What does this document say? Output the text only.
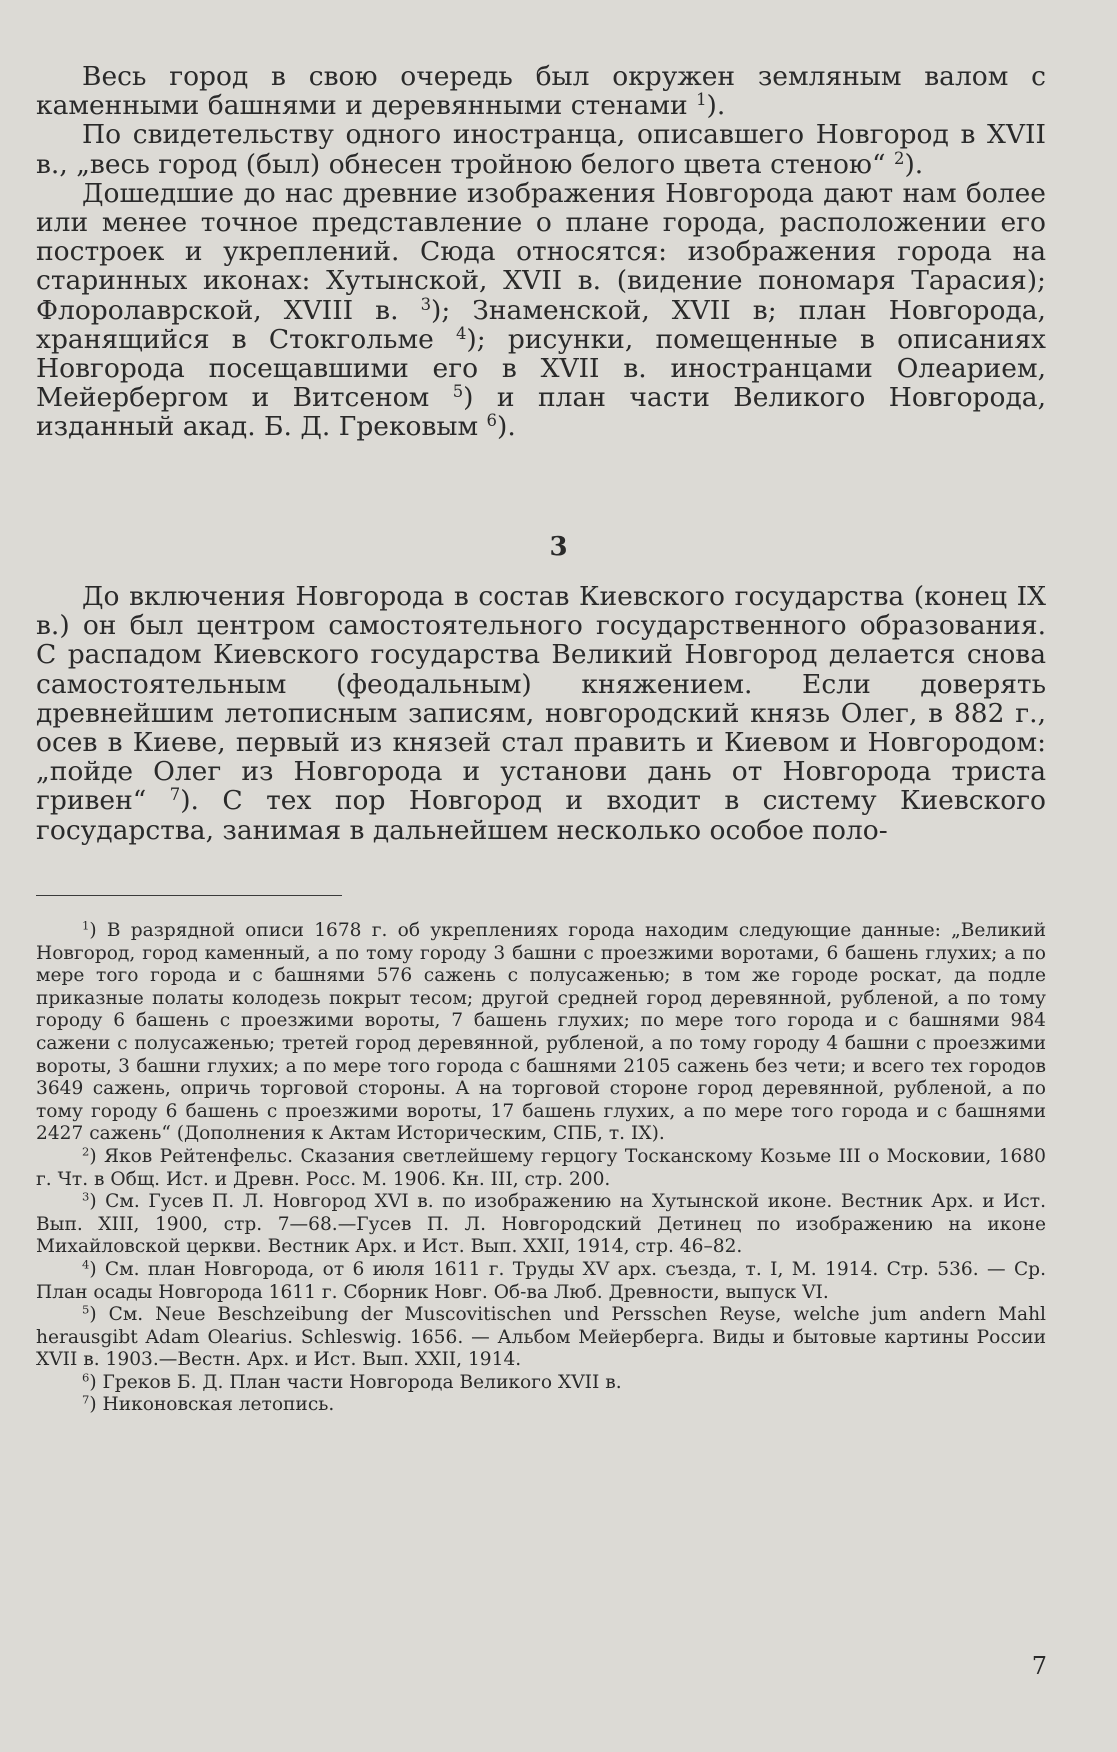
Весь город в свою очередь был окружен земляным валом с каменными башнями и деревянными стенами $^1$).

По свидетельству одного иностранца, описавшего Новгород в XVII в., „весь город (был) обнесен тройною белого цвета стеною“ $^2$).

Дошедшие до нас древние изображения Новгорода дают нам более или менее точное представление о плане города, расположении его построек и укреплений. Сюда относятся: изображения города на старинных иконах: Хутынской, XVII в. (видение пономаря Тарасия); Флоролаврской, XVIII в. $^3$); Знаменской, XVII в; план Новгорода, хранящийся в Стокгольме $^4$); рисунки, помещенные в описаниях Новгорода посещавшими его в XVII в. иностранцами Олеарием, Мейербергом и Витсеном $^5$) и план части Великого Новгорода, изданный акад. Б. Д. Грековым $^6$).

3

До включения Новгорода в состав Киевского государства (конец IX в.) он был центром самостоятельного государственного образования. С распадом Киевского государства Великий Новгород делается снова самостоятельным (феодальным) княжением. Если доверять древнейшим летописным записям, новгородский князь Олег, в 882 г., осев в Киеве, первый из князей стал править и Киевом и Новгородом: „пойде Олег из Новгорода и установи дань от Новгорода триста гривен“ $^7$). С тех пор Новгород и входит в систему Киевского государства, занимая в дальнейшем несколько особое поло-

$^1$) В разрядной описи 1678 г. об укреплениях города находим следующие данные: „Великий Новгород, город каменный, а по тому городу 3 башни с проезжими воротами, 6 башень глухих; а по мере того города и с башнями 576 сажень с полусаженью; в том же городе роскат, да подле приказные полаты колодезь покрыт тесом; другой средней город деревянной, рубленой, а по тому городу 6 башень с проезжими вороты, 7 башень глухих; по мере того города и с башнями 984 сажени с полусаженью; третей город деревянной, рубленой, а по тому городу 4 башни с проезжими вороты, 3 башни глухих; а по мере того города с башнями 2105 сажень без чети; и всего тех городов 3649 сажень, опричь торговой стороны. А на торговой стороне город деревянной, рубленой, а по тому городу 6 башень с проезжими вороты, 17 башень глухих, а по мере того города и с башнями 2427 сажень“ (Дополнения к Актам Историческим, СПБ, т. IX).

$^2$) Яков Рейтенфельс. Сказания светлейшему герцогу Тосканскому Козьме III о Московии, 1680 г. Чт. в Общ. Ист. и Древн. Росс. М. 1906. Кн. III, стр. 200.

$^3$) См. Гусев П. Л. Новгород XVI в. по изображению на Хутынской иконе. Вестник Арх. и Ист. Вып. XIII, 1900, стр. 7—68.—Гусев П. Л. Новгородский Детинец по изображению на иконе Михайловской церкви. Вестник Арх. и Ист. Вып. XXII, 1914, стр. 46–82.

$^4$) См. план Новгорода, от 6 июля 1611 г. Труды XV арх. съезда, т. I, М. 1914. Стр. 536. — Ср. План осады Новгорода 1611 г. Сборник Новг. Об-ва Люб. Древности, выпуск VI.

$^5$) См. Neue Beschzeibung der Muscovitischen und Persschen Reyse, welche jum andern Mahl herausgibt Adam Olearius. Schleswig. 1656. — Альбом Мейерберга. Виды и бытовые картины России XVII в. 1903.—Вестн. Арх. и Ист. Вып. XXII, 1914.

$^6$) Греков Б. Д. План части Новгорода Великого XVII в.

$^7$) Никоновская летопись.

7
